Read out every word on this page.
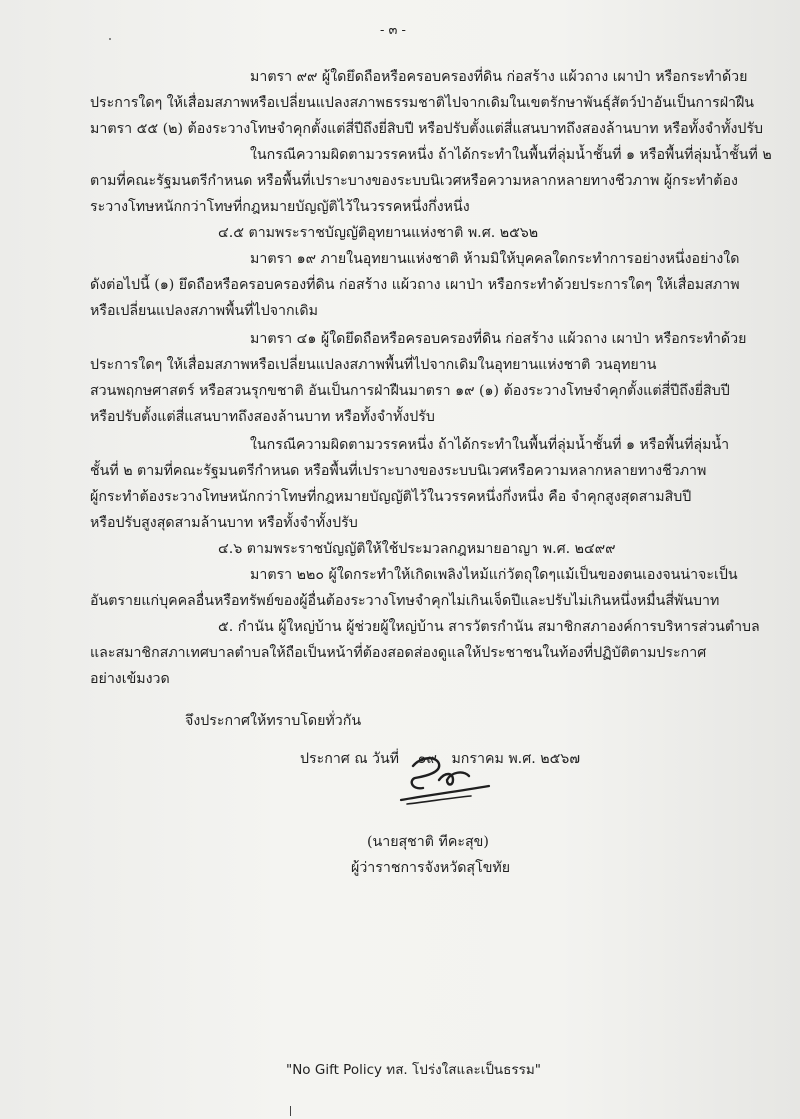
- ๓ -
มาตรา ๙๙ ผู้ใดยึดถือหรือครอบครองที่ดิน ก่อสร้าง แผ้วถาง เผาป่า หรือกระทำด้วย
ประการใดๆ ให้เสื่อมสภาพหรือเปลี่ยนแปลงสภาพธรรมชาติไปจากเดิมในเขตรักษาพันธุ์สัตว์ป่าอันเป็นการฝ่าฝืน
มาตรา ๕๕ (๒) ต้องระวางโทษจำคุกตั้งแต่สี่ปีถึงยี่สิบปี หรือปรับตั้งแต่สี่แสนบาทถึงสองล้านบาท หรือทั้งจำทั้งปรับ
ในกรณีความผิดตามวรรคหนึ่ง ถ้าได้กระทำในพื้นที่ลุ่มน้ำชั้นที่ ๑ หรือพื้นที่ลุ่มน้ำชั้นที่ ๒
ตามที่คณะรัฐมนตรีกำหนด หรือพื้นที่เปราะบางของระบบนิเวศหรือความหลากหลายทางชีวภาพ ผู้กระทำต้อง
ระวางโทษหนักกว่าโทษที่กฎหมายบัญญัติไว้ในวรรคหนึ่งกึ่งหนึ่ง
๔.๕ ตามพระราชบัญญัติอุทยานแห่งชาติ พ.ศ. ๒๕๖๒
มาตรา ๑๙ ภายในอุทยานแห่งชาติ ห้ามมิให้บุคคลใดกระทำการอย่างหนึ่งอย่างใด
ดังต่อไปนี้ (๑) ยึดถือหรือครอบครองที่ดิน ก่อสร้าง แผ้วถาง เผาป่า หรือกระทำด้วยประการใดๆ ให้เสื่อมสภาพ
หรือเปลี่ยนแปลงสภาพพื้นที่ไปจากเดิม
มาตรา ๔๑ ผู้ใดยึดถือหรือครอบครองที่ดิน ก่อสร้าง แผ้วถาง เผาป่า หรือกระทำด้วย
ประการใดๆ ให้เสื่อมสภาพหรือเปลี่ยนแปลงสภาพพื้นที่ไปจากเดิมในอุทยานแห่งชาติ วนอุทยาน
สวนพฤกษศาสตร์ หรือสวนรุกขชาติ อันเป็นการฝ่าฝืนมาตรา ๑๙ (๑) ต้องระวางโทษจำคุกตั้งแต่สี่ปีถึงยี่สิบปี
หรือปรับตั้งแต่สี่แสนบาทถึงสองล้านบาท หรือทั้งจำทั้งปรับ
ในกรณีความผิดตามวรรคหนึ่ง ถ้าได้กระทำในพื้นที่ลุ่มน้ำชั้นที่ ๑ หรือพื้นที่ลุ่มน้ำ
ชั้นที่ ๒ ตามที่คณะรัฐมนตรีกำหนด หรือพื้นที่เปราะบางของระบบนิเวศหรือความหลากหลายทางชีวภาพ
ผู้กระทำต้องระวางโทษหนักกว่าโทษที่กฎหมายบัญญัติไว้ในวรรคหนึ่งกึ่งหนึ่ง คือ จำคุกสูงสุดสามสิบปี
หรือปรับสูงสุดสามล้านบาท หรือทั้งจำทั้งปรับ
๔.๖ ตามพระราชบัญญัติให้ใช้ประมวลกฎหมายอาญา พ.ศ. ๒๔๙๙
มาตรา ๒๒๐ ผู้ใดกระทำให้เกิดเพลิงไหม้แก่วัตถุใดๆแม้เป็นของตนเองจนน่าจะเป็น
อันตรายแก่บุคคลอื่นหรือทรัพย์ของผู้อื่นต้องระวางโทษจำคุกไม่เกินเจ็ดปีและปรับไม่เกินหนึ่งหมื่นสี่พันบาท
๕. กำนัน ผู้ใหญ่บ้าน ผู้ช่วยผู้ใหญ่บ้าน สารวัตรกำนัน สมาชิกสภาองค์การบริหารส่วนตำบล
และสมาชิกสภาเทศบาลตำบลให้ถือเป็นหน้าที่ต้องสอดส่องดูแลให้ประชาชนในท้องที่ปฏิบัติตามประกาศ
อย่างเข้มงวด
จึงประกาศให้ทราบโดยทั่วกัน
ประกาศ ณ วันที่ ๑๙ มกราคม พ.ศ. ๒๕๖๗
(นายสุชาติ ทีคะสุข)
ผู้ว่าราชการจังหวัดสุโขทัย
"No Gift Policy ทส. โปร่งใสและเป็นธรรม"
